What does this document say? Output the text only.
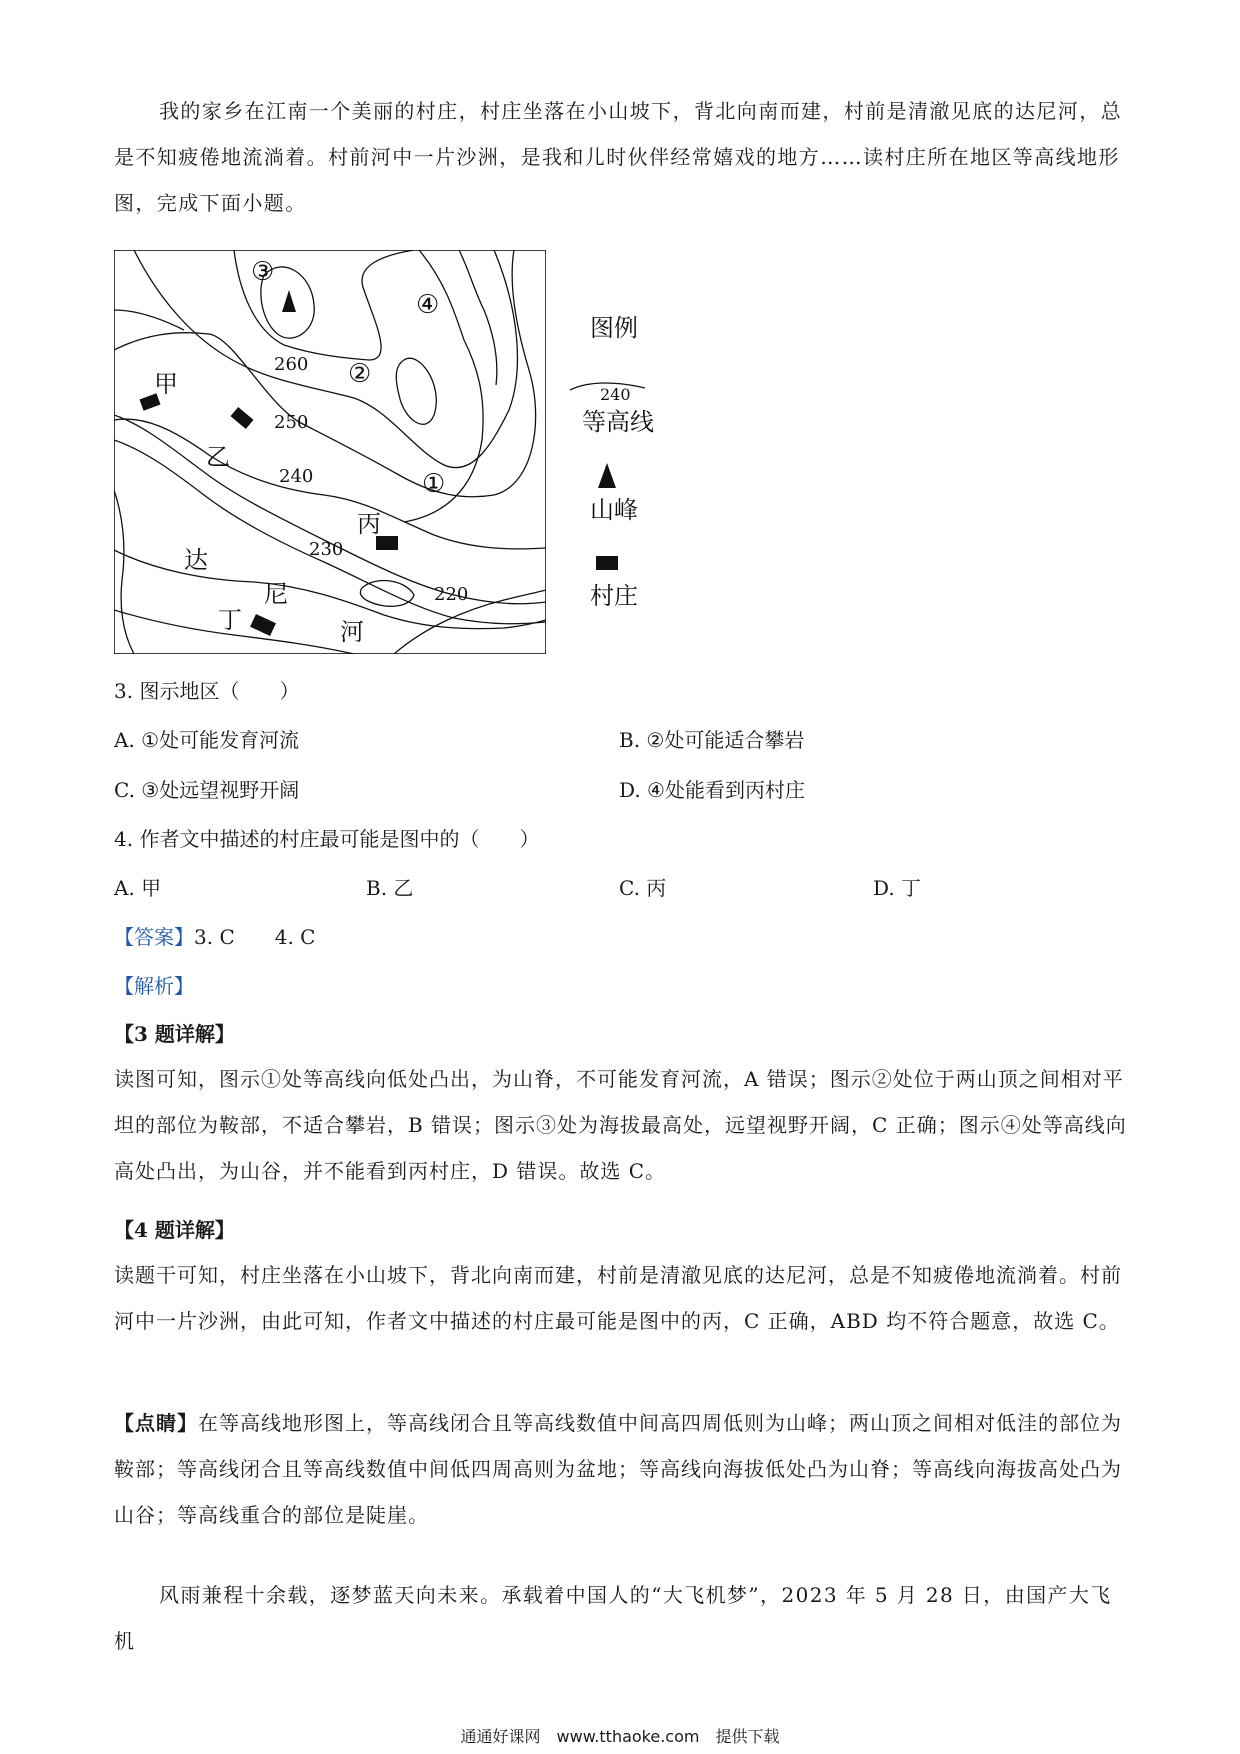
我的家乡在江南一个美丽的村庄，村庄坐落在小山坡下，背北向南而建，村前是清澈见底的达尼河，总是不知疲倦地流淌着。村前河中一片沙洲，是我和儿时伙伴经常嬉戏的地方……读村庄所在地区等高线地形图，完成下面小题。
260
250
240
230
220
①
②
③
④
甲
乙
丙
丁
达
尼
河
图例
240
等高线
山峰
村庄
3. 图示地区（　　）
A. ①处可能发育河流	B. ②处可能适合攀岩
C. ③处远望视野开阔	D. ④处能看到丙村庄
4. 作者文中描述的村庄最可能是图中的（　　）
A. 甲	B. 乙	C. 丙	D. 丁
【答案】3. C　　4. C
【解析】
【3 题详解】
读图可知，图示①处等高线向低处凸出，为山脊，不可能发育河流，A 错误；图示②处位于两山顶之间相对平坦的部位为鞍部，不适合攀岩，B 错误；图示③处为海拔最高处，远望视野开阔，C 正确；图示④处等高线向高处凸出，为山谷，并不能看到丙村庄，D 错误。故选 C。
【4 题详解】
读题干可知，村庄坐落在小山坡下，背北向南而建，村前是清澈见底的达尼河，总是不知疲倦地流淌着。村前河中一片沙洲，由此可知，作者文中描述的村庄最可能是图中的丙，C 正确，ABD 均不符合题意，故选 C。
【点睛】在等高线地形图上，等高线闭合且等高线数值中间高四周低则为山峰；两山顶之间相对低洼的部位为鞍部；等高线闭合且等高线数值中间低四周高则为盆地；等高线向海拔低处凸为山脊；等高线向海拔高处凸为山谷；等高线重合的部位是陡崖。
风雨兼程十余载，逐梦蓝天向未来。承载着中国人的“大飞机梦”，2023 年 5 月 28 日，由国产大飞机
通通好课网　www.tthaoke.com　提供下载
